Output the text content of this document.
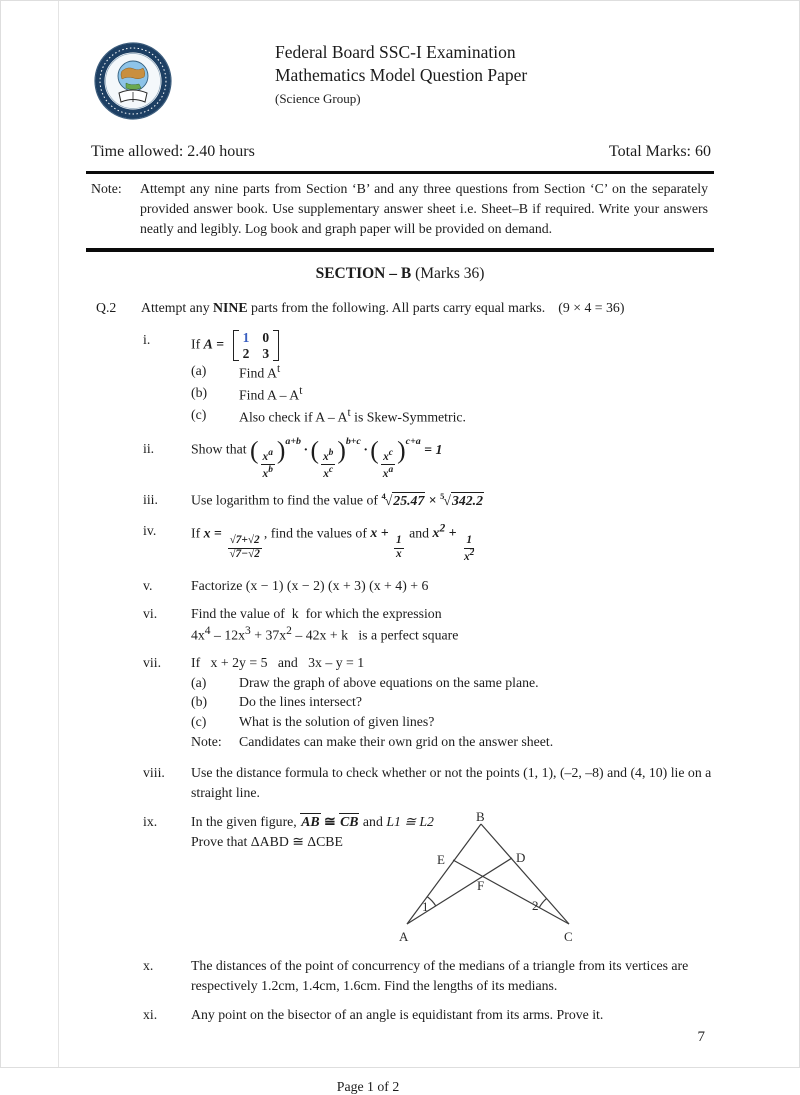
Federal Board SSC-I Examination
Mathematics Model Question Paper
(Science Group)
Time allowed: 2.40 hours	Total Marks: 60
Note:	Attempt any nine parts from Section ‘B’ and any three questions from Section ‘C’ on the separately provided answer book. Use supplementary answer sheet i.e. Sheet–B if required. Write your answers neatly and legibly. Log book and graph paper will be provided on demand.
SECTION – B (Marks 36)
Q.2	Attempt any NINE parts from the following. All parts carry equal marks. (9 × 4 = 36)
i.	If A = 1 0
2 3
(a)	Find $A^t$
(b)	Find A – $A^t$
(c)	Also check if A – $A^t$ is Skew-Symmetric.
ii.	Show that ( $\frac{x^a}{x^b} )^{a+b}\cdot$ ( $\frac{x^b}{x^c} )^{b+c}\cdot$ ( $\frac{x^c}{x^a} )^{c+a} = 1$
iii.	Use logarithm to find the value of $^4$√25.47 × $^5$√342.2
iv.	If x =
$\frac{√7+√2}{√7-√2}$
, find the values of x +
$\frac{1}{x}$
and $x^2$ +
$\frac{1}{x^2}$
v.	Factorize (x − 1) (x − 2) (x + 3) (x + 4) + 6
vi.	Find the value of  k  for which the expression
$4x^4 - 12x^3 + 37x^2 - 42x + k$   is a perfect square
vii.	If   x + 2y = 5   and   3x – y = 1
(a)	Draw the graph of above equations on the same plane.
(b)	Do the lines intersect?
(c)	What is the solution of given lines?
Note:	Candidates can make their own grid on the answer sheet.
viii.	Use the distance formula to check whether or not the points (1, 1), (–2, –8) and (4, 10) lie on a straight line.
ix.	In the given figure, AB ≅ CB and L1 ≅ L2
Prove that ΔABD ≅ ΔCBE
B
E	D
F
1	2
A	C
x.	The distances of the point of concurrency of the medians of a triangle from its vertices are respectively 1.2cm, 1.4cm, 1.6cm. Find the lengths of its medians.
xi.	Any point on the bisector of an angle is equidistant from its arms. Prove it.
Page 1 of 2
7
